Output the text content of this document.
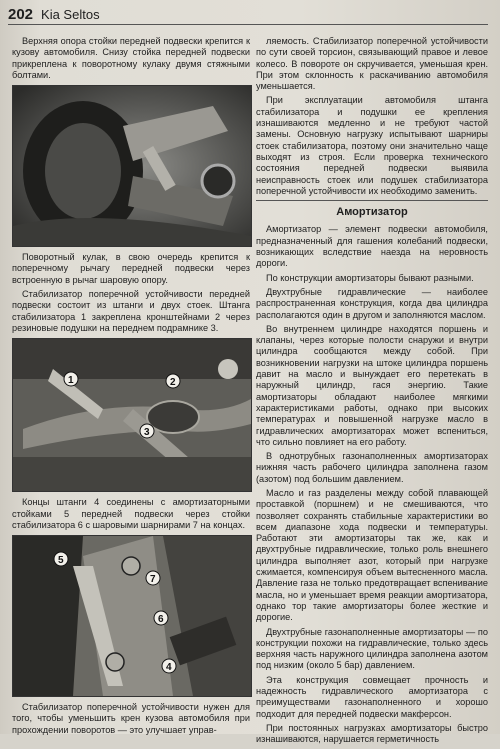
202 Kia Seltos

Верхняя опора стойки передней подвески крепится к кузову автомобиля. Снизу стойка передней подвески прикреплена к поворотному кулаку двумя стяжными болтами.

Поворотный кулак, в свою очередь крепится к поперечному рычагу передней подвески через встроенную в рычаг шаровую опору.

Стабилизатор поперечной устойчивости передней подвески состоит из штанги и двух стоек. Штанга стабилизатора 1 закреплена кронштейнами 2 через резиновые подушки на переднем подрамнике 3.

1	2
3

Концы штанги 4 соединены с амортизаторными стойками 5 передней подвески через стойки стабилизатора 6 с шаровыми шарнирами 7 на концах.

5
7
6
4

Стабилизатор поперечной устойчивости нужен для того, чтобы уменьшить крен кузова автомобиля при прохождении поворотов — это улучшает управ-

ляемость. Стабилизатор поперечной устойчивости по сути своей торсион, связывающий правое и левое колесо. В повороте он скручивается, уменьшая крен. При этом склонность к раскачиванию автомобиля уменьшается.

При эксплуатации автомобиля штанга стабилизатора и подушки ее крепления изнашиваются медленно и не требуют частой замены. Основную нагрузку испытывают шарниры стоек стабилизатора, поэтому они значительно чаще выходят из строя. Если проверка технического состояния передней подвески выявила неисправность стоек или подушек стабилизатора поперечной устойчивости их необходимо заменить.

Амортизатор

Амортизатор — элемент подвески автомобиля, предназначенный для гашения колебаний подвески, возникающих вследствие наезда на неровность дороги.

По конструкции амортизаторы бывают разными.

Двухтрубные гидравлические — наиболее распространенная конструкция, когда два цилиндра располагаются один в другом и заполняются маслом.

Во внутреннем цилиндре находятся поршень и клапаны, через которые полости снаружи и внутри цилиндра сообщаются между собой. При возникновении нагрузки на штоке цилиндра поршень давит на масло и вынуждает его перетекать в наружный цилиндр, гася энергию. Такие амортизаторы обладают наиболее мягкими характеристиками работы, однако при высоких температурах и повышенной нагрузке масло в гидравлических амортизаторах может вспениться, что сильно повлияет на его работу.

В однотрубных газонаполненных амортизаторах нижняя часть рабочего цилиндра заполнена газом (азотом) под большим давлением.

Масло и газ разделены между собой плавающей проставкой (поршнем) и не смешиваются, что позволяет сохранять стабильные характеристики во всем диапазоне хода подвески и температуры. Работают эти амортизаторы так же, как и двухтрубные гидравлические, только роль внешнего цилиндра выполняет азот, который при нагрузке сжимается, компенсируя объем вытесненного масла. Давление газа не только предотвращает вспенивание масла, но и уменьшает время реакции амортизатора, однако тор такие амортизаторы более жесткие и дорогие.

Двухтрубные газонаполненные амортизаторы — по конструкции похожи на гидравлические, только здесь верхняя часть наружного цилиндра заполнена азотом под низким (около 5 бар) давлением.

Эта конструкция совмещает прочность и надежность гидравлического амортизатора с преимуществами газонаполненного и хорошо подходит для передней подвески макферсон.

При постоянных нагрузках амортизаторы быстро изнашиваются, нарушается герметичность
